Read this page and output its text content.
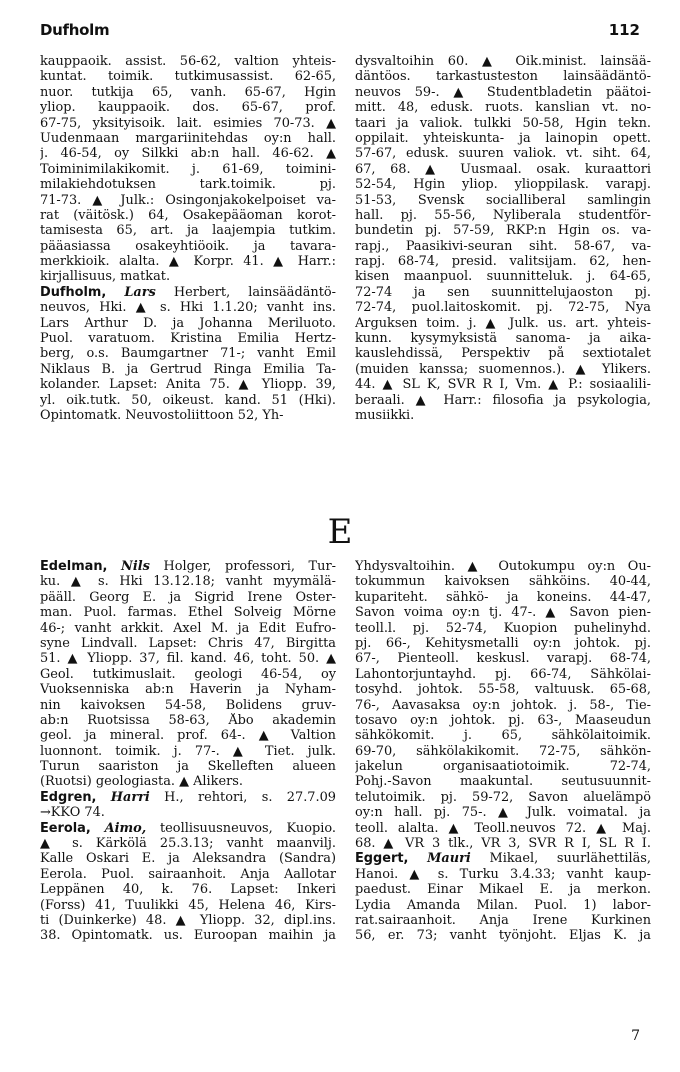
Dufholm	112
kauppaoik. assist. 56-62, valtion yhteis-
kuntat. toimik. tutkimusassist. 62-65,
nuor. tutkija 65, vanh. 65-67, Hgin
yliop. kauppaoik. dos. 65-67, prof.
67-75, yksityisoik. lait. esimies 70-73. ▲
Uudenmaan margariinitehdas oy:n hall.
j. 46-54, oy Silkki ab:n hall. 46-62. ▲
Toiminimilakikomit. j. 61-69, toimini-
milakiehdotuksen tark.toimik. pj.
71-73. ▲ Julk.: Osingonjakokelpoiset va-
rat (väitösk.) 64, Osakepääoman korot-
tamisesta 65, art. ja laajempia tutkim.
pääasiassa osakeyhtiöoik. ja tavara-
merkkioik. alalta. ▲ Korpr. 41. ▲ Harr.:
kirjallisuus, matkat.
Dufholm, Lars Herbert, lainsäädäntö-
neuvos, Hki. ▲ s. Hki 1.1.20; vanht ins.
Lars Arthur D. ja Johanna Meriluoto.
Puol. varatuom. Kristina Emilia Hertz-
berg, o.s. Baumgartner 71-; vanht Emil
Niklaus B. ja Gertrud Ringa Emilia Ta-
kolander. Lapset: Anita 75. ▲ Yliopp. 39,
yl. oik.tutk. 50, oikeust. kand. 51 (Hki).
Opintomatk. Neuvostoliittoon 52, Yh-
dysvaltoihin 60. ▲ Oik.minist. lainsää-
däntöos. tarkastusteston lainsäädäntö-
neuvos 59-. ▲ Studentbladetin päätoi-
mitt. 48, edusk. ruots. kanslian vt. no-
taari ja valiok. tulkki 50-58, Hgin tekn.
oppilait. yhteiskunta- ja lainopin opett.
57-67, edusk. suuren valiok. vt. siht. 64,
67, 68. ▲ Uusmaal. osak. kuraattori
52-54, Hgin yliop. ylioppilask. varapj.
51-53, Svensk socialliberal samlingin
hall. pj. 55-56, Nyliberala studentför-
bundetin pj. 57-59, RKP:n Hgin os. va-
rapj., Paasikivi-seuran siht. 58-67, va-
rapj. 68-74, presid. valitsijam. 62, hen-
kisen maanpuol. suunnitteluk. j. 64-65,
72-74 ja sen suunnittelujaoston pj.
72-74, puol.laitoskomit. pj. 72-75, Nya
Arguksen toim. j. ▲ Julk. us. art. yhteis-
kunn. kysymyksistä sanoma- ja aika-
kauslehdissä, Perspektiv på sextiotalet
(muiden kanssa; suomennos.). ▲ Ylikers.
44. ▲ SL K, SVR R I, Vm. ▲ P.: sosiaalili-
beraali. ▲ Harr.: filosofia ja psykologia,
musiikki.
E
Edelman, Nils Holger, professori, Tur-
ku. ▲ s. Hki 13.12.18; vanht myymälä-
pääll. Georg E. ja Sigrid Irene Öster-
man. Puol. farmas. Ethel Solveig Mörne
46-; vanht arkkit. Axel M. ja Edit Eufro-
syne Lindvall. Lapset: Chris 47, Birgitta
51. ▲ Yliopp. 37, fil. kand. 46, toht. 50. ▲
Geol. tutkimuslait. geologi 46-54, oy
Vuoksenniska ab:n Haverin ja Nyham-
nin kaivoksen 54-58, Bolidens gruv-
ab:n Ruotsissa 58-63, Åbo akademin
geol. ja mineral. prof. 64-. ▲ Valtion
luonnont. toimik. j. 77-. ▲ Tiet. julk.
Turun saariston ja Skelleften alueen
(Ruotsi) geologiasta. ▲ Alikers.
Edgren, Harri H., rehtori, s. 27.7.09
→KKO 74.
Eerola, Aimo, teollisuusneuvos, Kuopio.
▲ s. Kärkölä 25.3.13; vanht maanvilj.
Kalle Oskari E. ja Aleksandra (Sandra)
Eerola. Puol. sairaanhoit. Anja Aallotar
Leppänen 40, k. 76. Lapset: Inkeri
(Forss) 41, Tuulikki 45, Helena 46, Kirs-
ti (Duinkerke) 48. ▲ Yliopp. 32, dipl.ins.
38. Opintomatk. us. Euroopan maihin ja
Yhdysvaltoihin. ▲ Outokumpu oy:n Ou-
tokummun kaivoksen sähköins. 40-44,
kupariteht. sähkö- ja koneins. 44-47,
Savon voima oy:n tj. 47-. ▲ Savon pien-
teoll.l. pj. 52-74, Kuopion puhelinyhd.
pj. 66-, Kehitysmetalli oy:n johtok. pj.
67-, Pienteoll. keskusl. varapj. 68-74,
Lahontorjuntayhd. pj. 66-74, Sähkölai-
tosyhd. johtok. 55-58, valtuusk. 65-68,
76-, Aavasaksa oy:n johtok. j. 58-, Tie-
tosavo oy:n johtok. pj. 63-, Maaseudun
sähkökomit. j. 65, sähkölaitoimik.
69-70, sähkölakikomit. 72-75, sähkön-
jakelun organisaatiotoimik. 72-74,
Pohj.-Savon maakuntal. seutusuunnit-
telutoimik. pj. 59-72, Savon aluelämpö
oy:n hall. pj. 75-. ▲ Julk. voimatal. ja
teoll. alalta. ▲ Teoll.neuvos 72. ▲ Maj.
68. ▲ VR 3 tlk., VR 3, SVR R I, SL R I.
Eggert, Mauri Mikael, suurlähettiläs,
Hanoi. ▲ s. Turku 3.4.33; vanht kaup-
paedust. Einar Mikael E. ja merkon.
Lydia Amanda Milan. Puol. 1) labor-
rat.sairaanhoit. Anja Irene Kurkinen
56, er. 73; vanht työnjoht. Eljas K. ja
7
